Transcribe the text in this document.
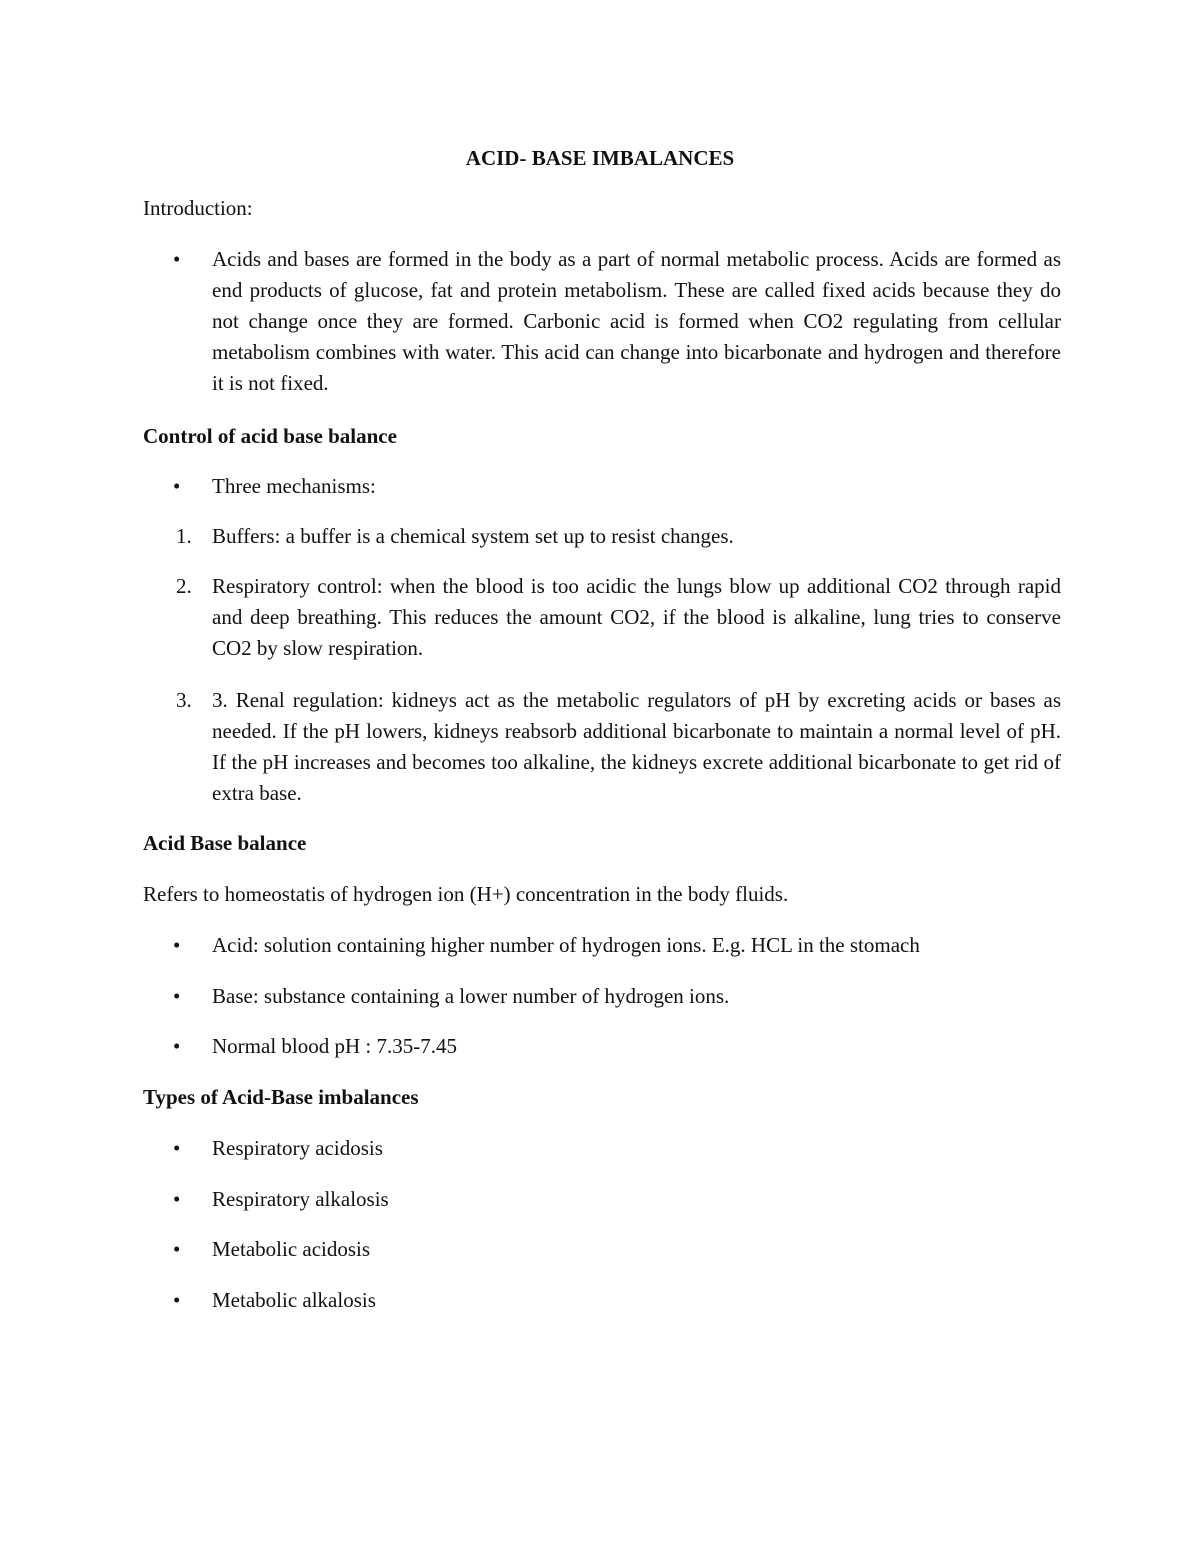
ACID- BASE IMBALANCES
Introduction:
•	Acids and bases are formed in the body as a part of normal metabolic process. Acids are formed as end products of glucose, fat and protein metabolism. These are called fixed acids because they do not change once they are formed. Carbonic acid is formed when CO2 regulating from cellular metabolism combines with water. This acid can change into bicarbonate and hydrogen and therefore it is not fixed.
Control of acid base balance
•	Three mechanisms:
1. Buffers: a buffer is a chemical system set up to resist changes.
2. Respiratory control: when the blood is too acidic the lungs blow up additional CO2 through rapid and deep breathing. This reduces the amount CO2, if the blood is alkaline, lung tries to conserve CO2 by slow respiration.
3. 3. Renal regulation: kidneys act as the metabolic regulators of pH by excreting acids or bases as needed. If the pH lowers, kidneys reabsorb additional bicarbonate to maintain a normal level of pH. If the pH increases and becomes too alkaline, the kidneys excrete additional bicarbonate to get rid of extra base.
Acid Base balance
Refers to homeostatis of hydrogen ion (H+) concentration in the body fluids.
•	Acid: solution containing higher number of hydrogen ions. E.g. HCL in the stomach
•	Base: substance containing a lower number of hydrogen ions.
•	Normal blood pH : 7.35-7.45
Types of Acid-Base imbalances
•	Respiratory acidosis
•	Respiratory alkalosis
•	Metabolic acidosis
•	Metabolic alkalosis
